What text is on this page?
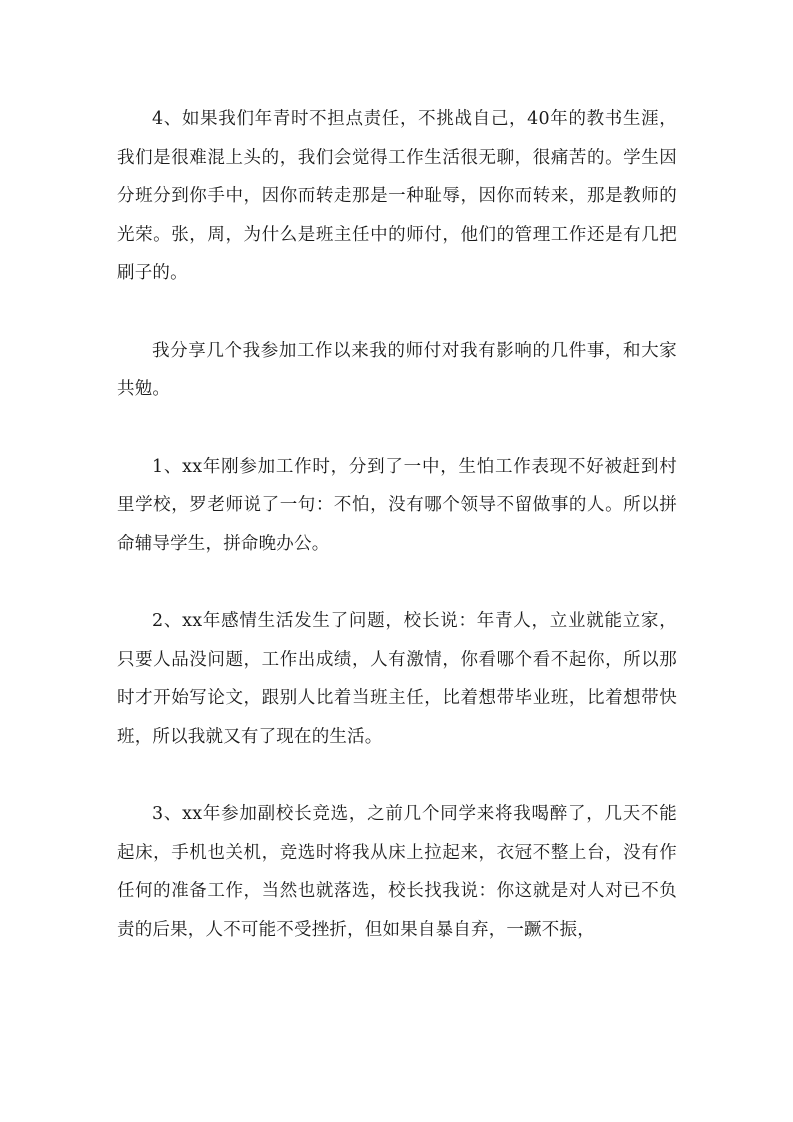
4、如果我们年青时不担点责任，不挑战自己，40年的教书生涯，我们是很难混上头的，我们会觉得工作生活很无聊，很痛苦的。学生因分班分到你手中，因你而转走那是一种耻辱，因你而转来，那是教师的光荣。张，周，为什么是班主任中的师付，他们的管理工作还是有几把刷子的。

我分享几个我参加工作以来我的师付对我有影响的几件事，和大家共勉。

1、xx年刚参加工作时，分到了一中，生怕工作表现不好被赶到村里学校，罗老师说了一句：不怕，没有哪个领导不留做事的人。所以拼命辅导学生，拼命晚办公。

2、xx年感情生活发生了问题，校长说：年青人，立业就能立家，只要人品没问题，工作出成绩，人有激情，你看哪个看不起你，所以那时才开始写论文，跟别人比着当班主任，比着想带毕业班，比着想带快班，所以我就又有了现在的生活。

3、xx年参加副校长竞选，之前几个同学来将我喝醉了，几天不能起床，手机也关机，竞选时将我从床上拉起来，衣冠不整上台，没有作任何的准备工作，当然也就落选，校长找我说：你这就是对人对已不负责的后果，人不可能不受挫折，但如果自暴自弃，一蹶不振，
